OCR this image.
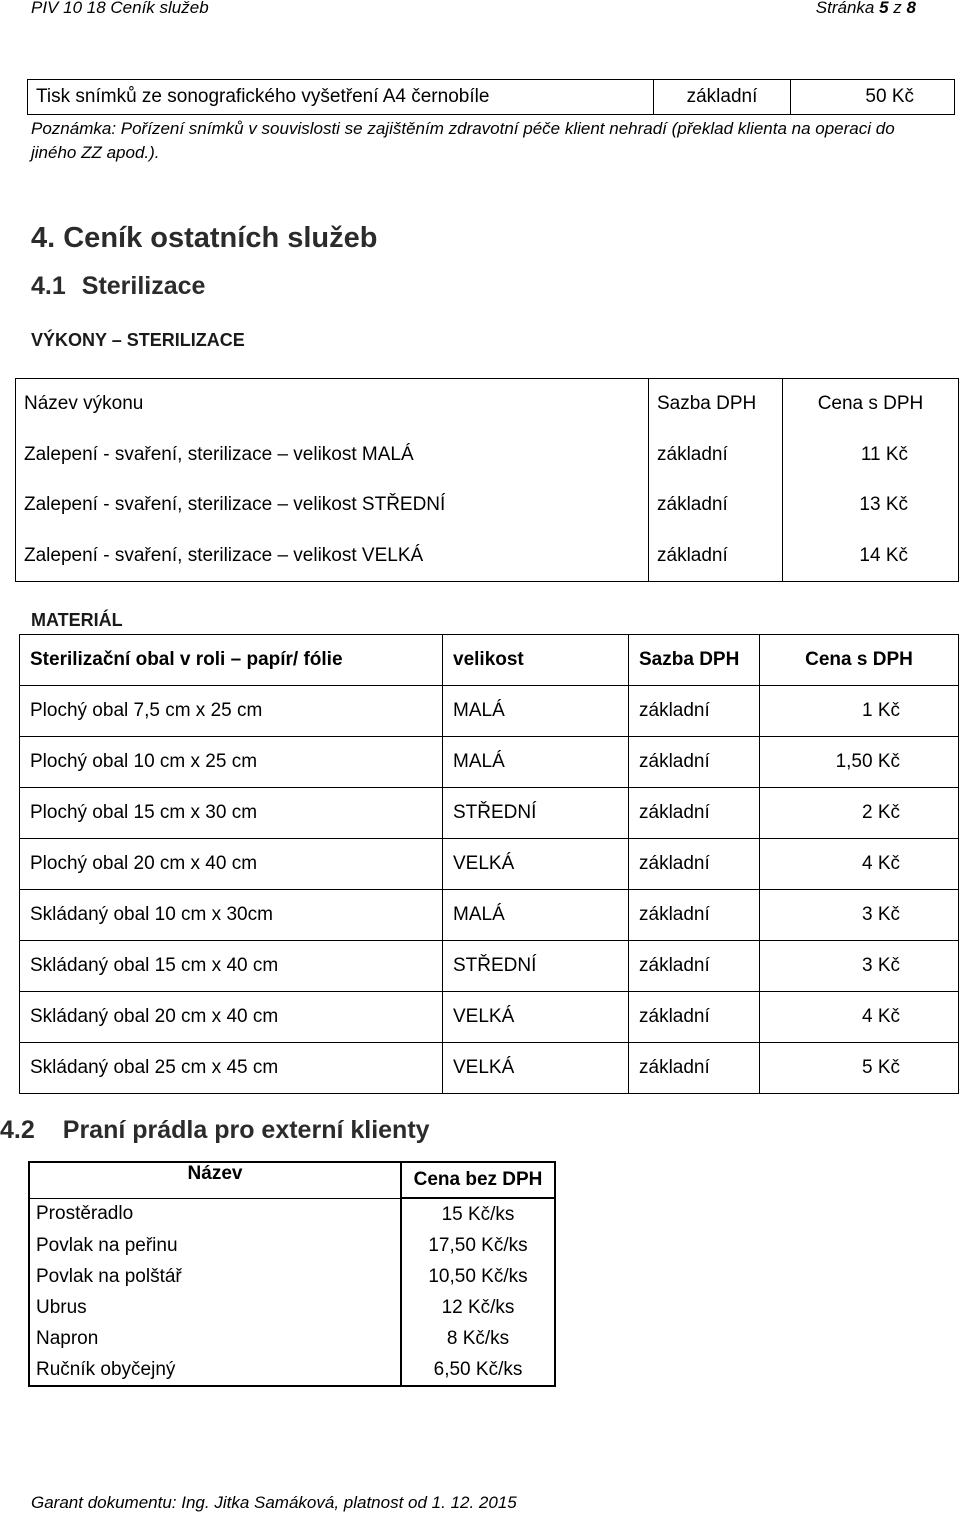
PIV 10 18 Ceník služeb	Stránka 5 z 8
Tisk snímků ze sonografického vyšetření A4 černobíle	základní	50 Kč
Poznámka: Pořízení snímků v souvislosti se zajištěním zdravotní péče klient nehradí (překlad klienta na operaci do jiného ZZ apod.).
4. Ceník ostatních služeb
4.1 Sterilizace
VÝKONY – STERILIZACE
Název výkonu	Sazba DPH	Cena s DPH
Zalepení - svaření, sterilizace – velikost MALÁ	základní	11 Kč
Zalepení - svaření, sterilizace – velikost STŘEDNÍ	základní	13 Kč
Zalepení - svaření, sterilizace – velikost VELKÁ	základní	14 Kč
MATERIÁL
Sterilizační obal v roli – papír/ fólie	velikost	Sazba DPH	Cena s DPH
Plochý obal 7,5 cm x 25 cm	MALÁ	základní	1 Kč
Plochý obal 10 cm x 25 cm	MALÁ	základní	1,50 Kč
Plochý obal 15 cm x 30 cm	STŘEDNÍ	základní	2 Kč
Plochý obal 20 cm x 40 cm	VELKÁ	základní	4 Kč
Skládaný obal 10 cm x 30cm	MALÁ	základní	3 Kč
Skládaný obal 15 cm x 40 cm	STŘEDNÍ	základní	3 Kč
Skládaný obal 20 cm x 40 cm	VELKÁ	základní	4 Kč
Skládaný obal 25 cm x 45 cm	VELKÁ	základní	5 Kč
4.2 Praní prádla pro externí klienty
Název	Cena bez DPH
Prostěradlo	15 Kč/ks
Povlak na peřinu	17,50 Kč/ks
Povlak na polštář	10,50 Kč/ks
Ubrus	12 Kč/ks
Napron	8 Kč/ks
Ručník obyčejný	6,50 Kč/ks
Garant dokumentu: Ing. Jitka Samáková, platnost od 1. 12. 2015
